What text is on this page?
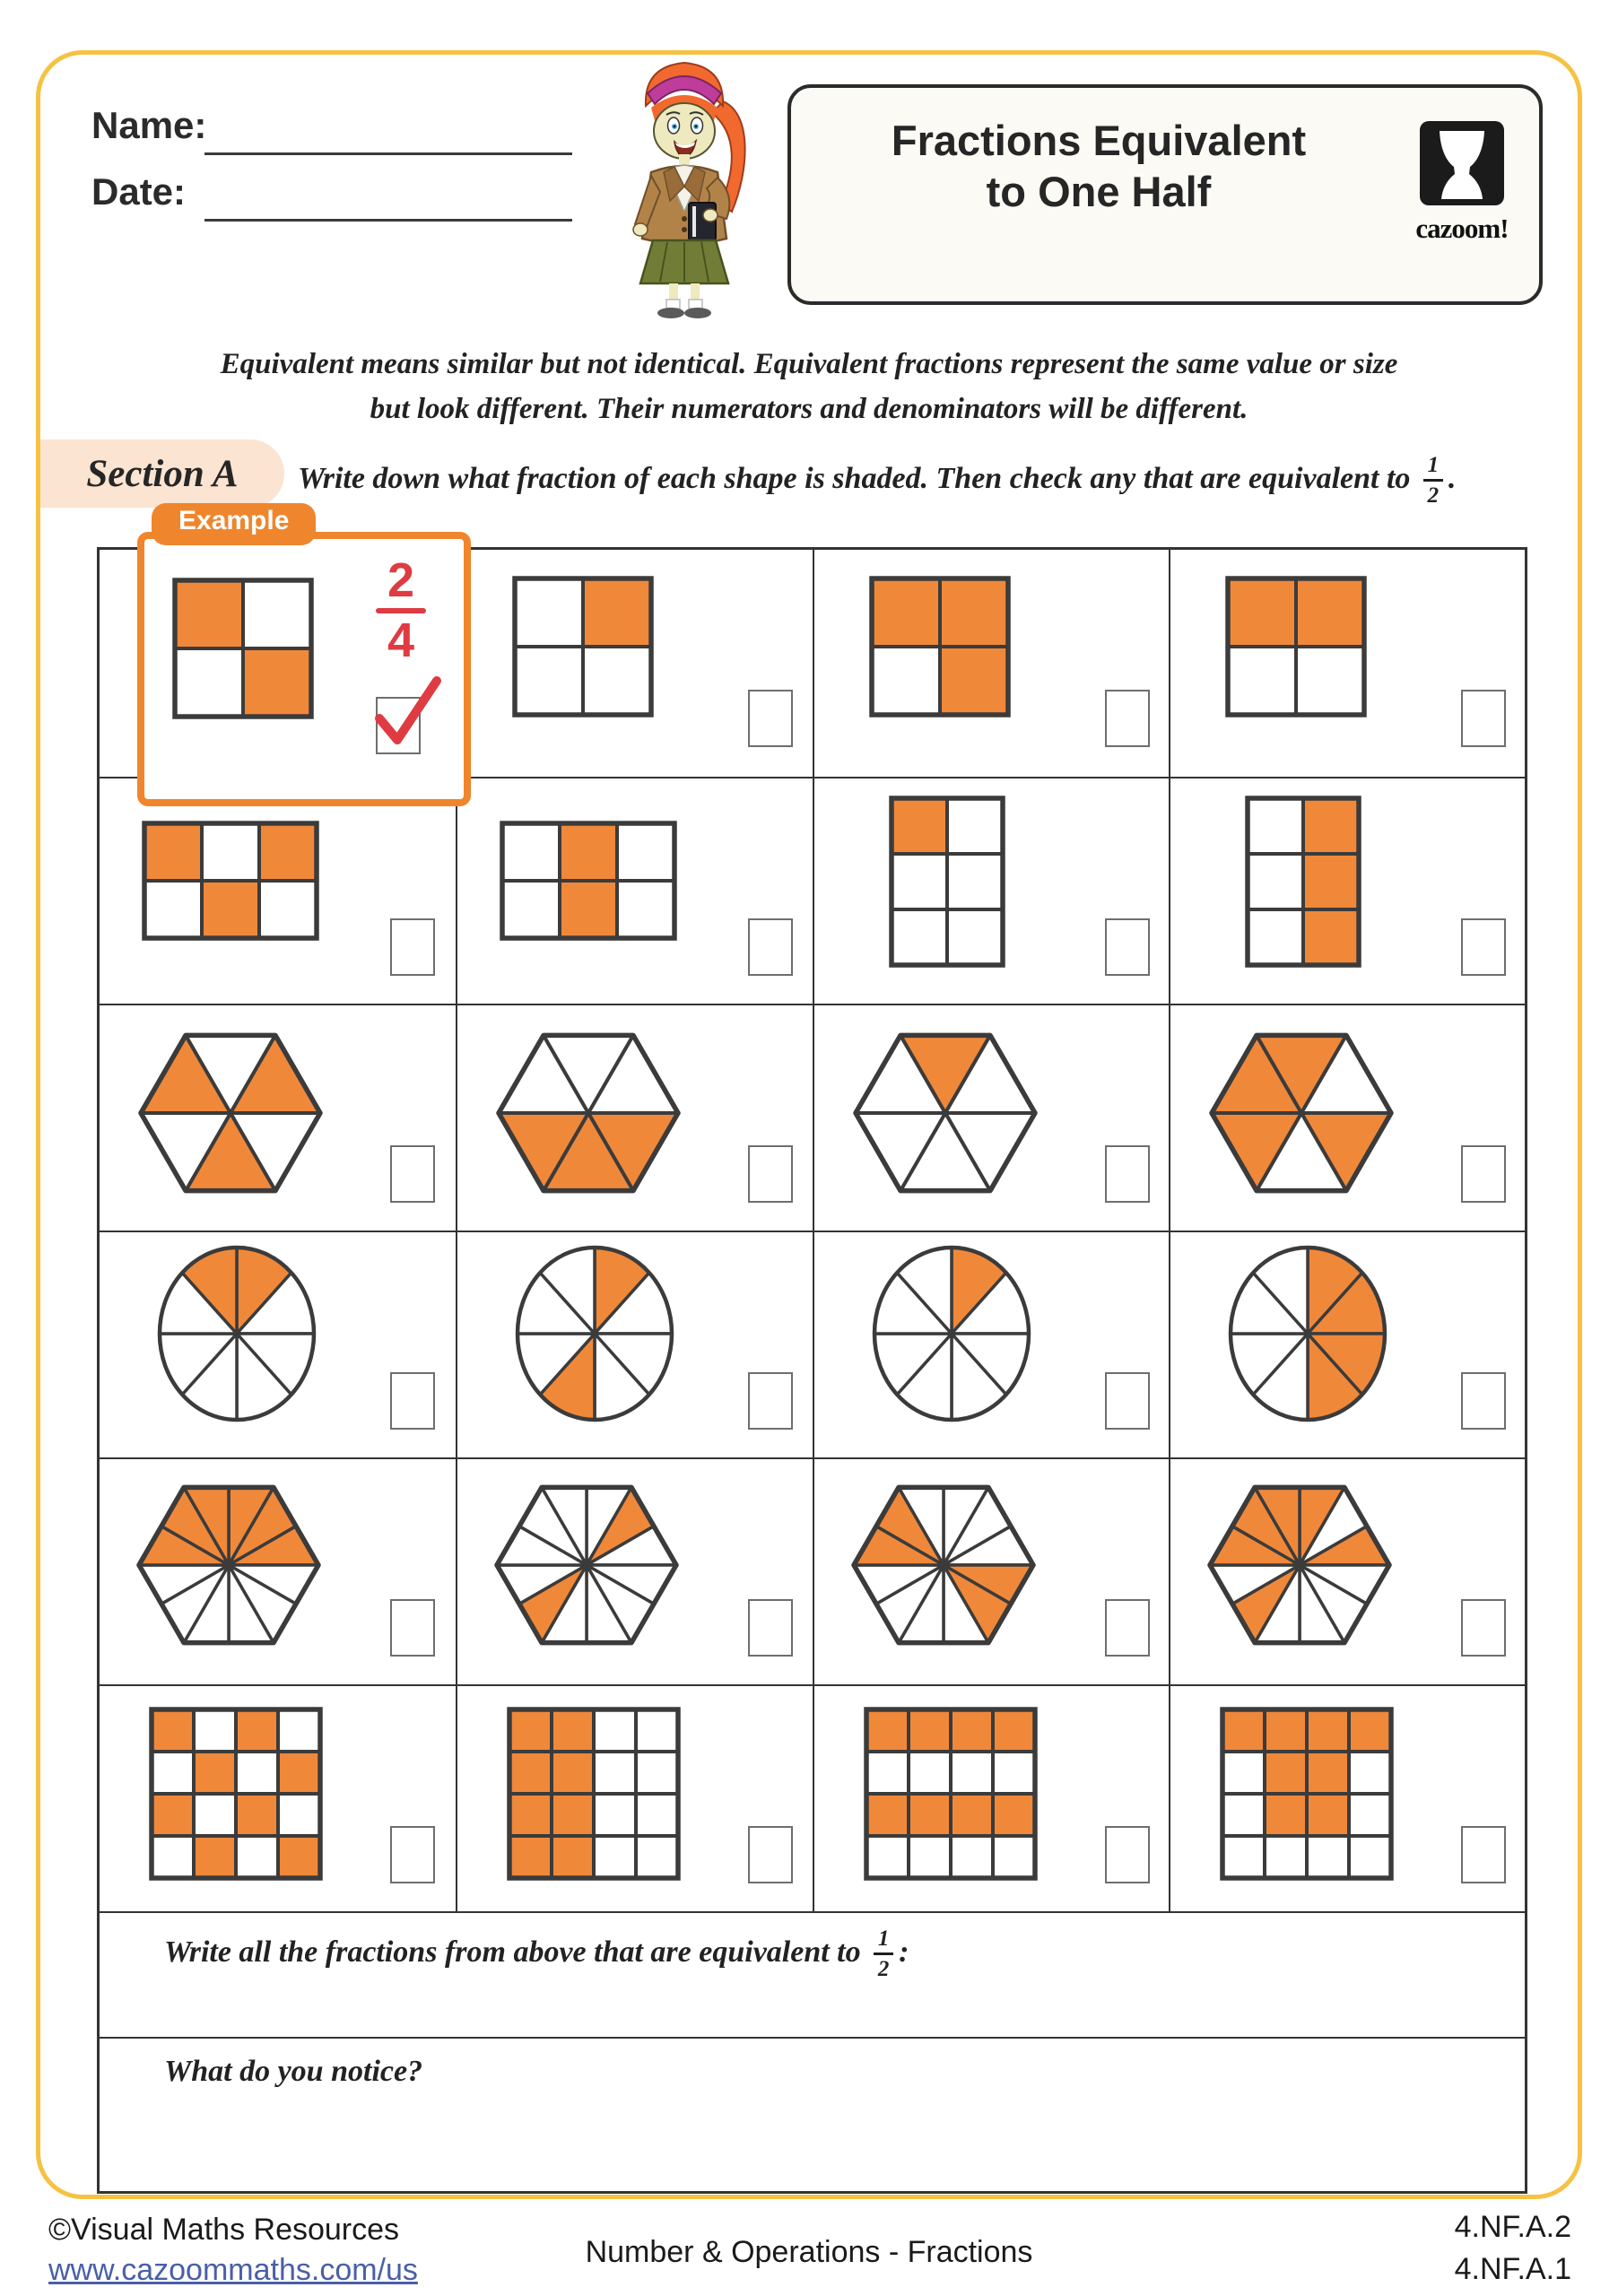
Name:
Date:
Fractions Equivalent
to One Half
cazoom!
Equivalent means similar but not identical. Equivalent fractions represent the same value or size
but look different. Their numerators and denominators will be different.
Section A Write down what fraction of each shape is shaded. Then check any that are equivalent to $\frac{1}{2}$ .
Write all the fractions from above that are equivalent to $\frac{1}{2}$ :
What do you notice?
Example
2
4
©Visual Maths Resources
www.cazoommaths.com/us
Number & Operations - Fractions
4.NF.A.2
4.NF.A.1
